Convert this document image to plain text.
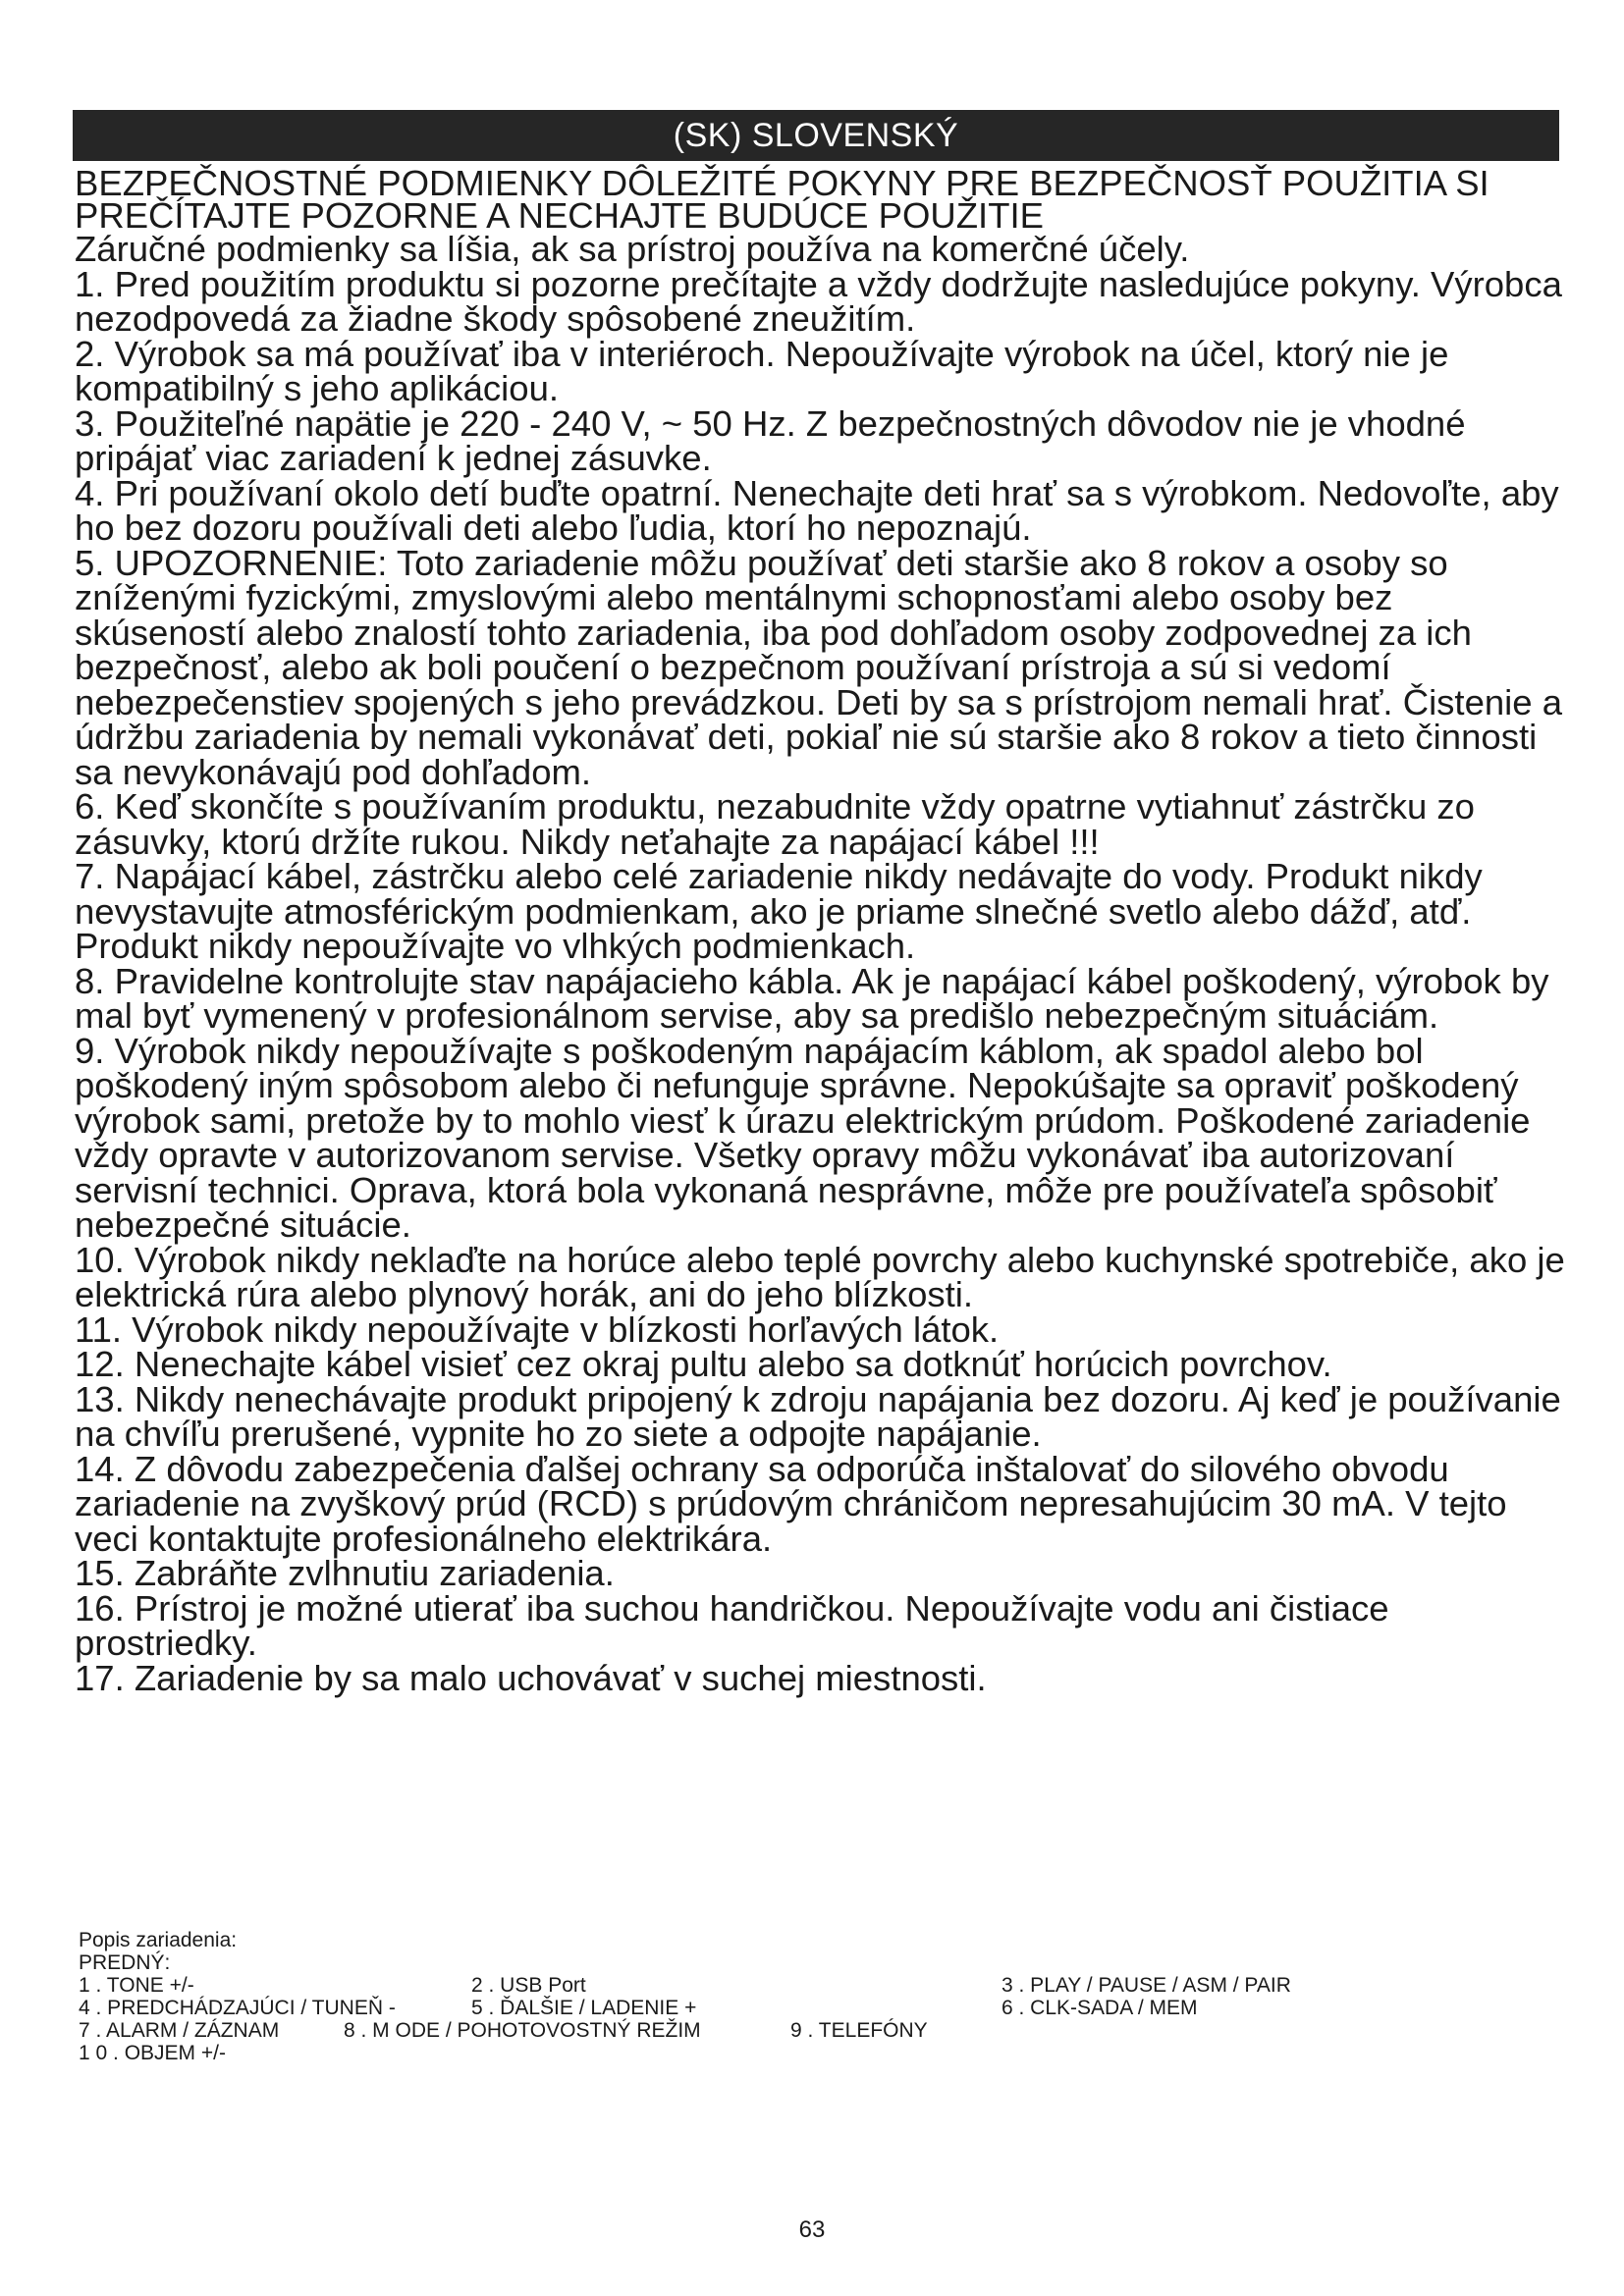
(SK) SLOVENSKÝ

BEZPEČNOSTNÉ PODMIENKY DÔLEŽITÉ POKYNY PRE BEZPEČNOSŤ POUŽITIA SI PREČÍTAJTE POZORNE A NECHAJTE BUDÚCE POUŽITIE

Záručné podmienky sa líšia, ak sa prístroj používa na komerčné účely.

1. Pred použitím produktu si pozorne prečítajte a vždy dodržujte nasledujúce pokyny. Výrobca nezodpovedá za žiadne škody spôsobené zneužitím.

2. Výrobok sa má používať iba v interiéroch. Nepoužívajte výrobok na účel, ktorý nie je kompatibilný s jeho aplikáciou.

3. Použiteľné napätie je 220 - 240 V, ~ 50 Hz. Z bezpečnostných dôvodov nie je vhodné pripájať viac zariadení k jednej zásuvke.

4. Pri používaní okolo detí buďte opatrní. Nenechajte deti hrať sa s výrobkom. Nedovoľte, aby ho bez dozoru používali deti alebo ľudia, ktorí ho nepoznajú.

5. UPOZORNENIE: Toto zariadenie môžu používať deti staršie ako 8 rokov a osoby so zníženými fyzickými, zmyslovými alebo mentálnymi schopnosťami alebo osoby bez skúseností alebo znalostí tohto zariadenia, iba pod dohľadom osoby zodpovednej za ich bezpečnosť, alebo ak boli poučení o bezpečnom používaní prístroja a sú si vedomí nebezpečenstiev spojených s jeho prevádzkou. Deti by sa s prístrojom nemali hrať. Čistenie a údržbu zariadenia by nemali vykonávať deti, pokiaľ nie sú staršie ako 8 rokov a tieto činnosti sa nevykonávajú pod dohľadom.

6. Keď skončíte s používaním produktu, nezabudnite vždy opatrne vytiahnuť zástrčku zo zásuvky, ktorú držíte rukou. Nikdy neťahajte za napájací kábel !!!

7. Napájací kábel, zástrčku alebo celé zariadenie nikdy nedávajte do vody. Produkt nikdy nevystavujte atmosférickým podmienkam, ako je priame slnečné svetlo alebo dážď, atď. Produkt nikdy nepoužívajte vo vlhkých podmienkach.

8. Pravidelne kontrolujte stav napájacieho kábla. Ak je napájací kábel poškodený, výrobok by mal byť vymenený v profesionálnom servise, aby sa predišlo nebezpečným situáciám.

9. Výrobok nikdy nepoužívajte s poškodeným napájacím káblom, ak spadol alebo bol poškodený iným spôsobom alebo či nefunguje správne. Nepokúšajte sa opraviť poškodený výrobok sami, pretože by to mohlo viesť k úrazu elektrickým prúdom. Poškodené zariadenie vždy opravte v autorizovanom servise. Všetky opravy môžu vykonávať iba autorizovaní servisní technici. Oprava, ktorá bola vykonaná nesprávne, môže pre používateľa spôsobiť nebezpečné situácie.

10. Výrobok nikdy neklaďte na horúce alebo teplé povrchy alebo kuchynské spotrebiče, ako je elektrická rúra alebo plynový horák, ani do jeho blízkosti.

11. Výrobok nikdy nepoužívajte v blízkosti horľavých látok.

12. Nenechajte kábel visieť cez okraj pultu alebo sa dotknúť horúcich povrchov.

13. Nikdy nenechávajte produkt pripojený k zdroju napájania bez dozoru. Aj keď je používanie na chvíľu prerušené, vypnite ho zo siete a odpojte napájanie.

14. Z dôvodu zabezpečenia ďalšej ochrany sa odporúča inštalovať do silového obvodu zariadenie na zvyškový prúd (RCD) s prúdovým chráničom nepresahujúcim 30 mA. V tejto veci kontaktujte profesionálneho elektrikára.

15. Zabráňte zvlhnutiu zariadenia.

16. Prístroj je možné utierať iba suchou handričkou. Nepoužívajte vodu ani čistiace prostriedky.

17. Zariadenie by sa malo uchovávať v suchej miestnosti.

Popis zariadenia:
PREDNÝ:
1 . TONE +/-	2 . USB Port	3 . PLAY / PAUSE / ASM / PAIR
4 . PREDCHÁDZAJÚCI / TUNEŇ -	5 . ĎALŠIE / LADENIE +	6 . CLK-SADA / MEM
7 . ALARM / ZÁZNAM	8 . M ODE / POHOTOVOSTNÝ REŽIM	9 . TELEFÓNY
1 0 . OBJEM +/-
63
